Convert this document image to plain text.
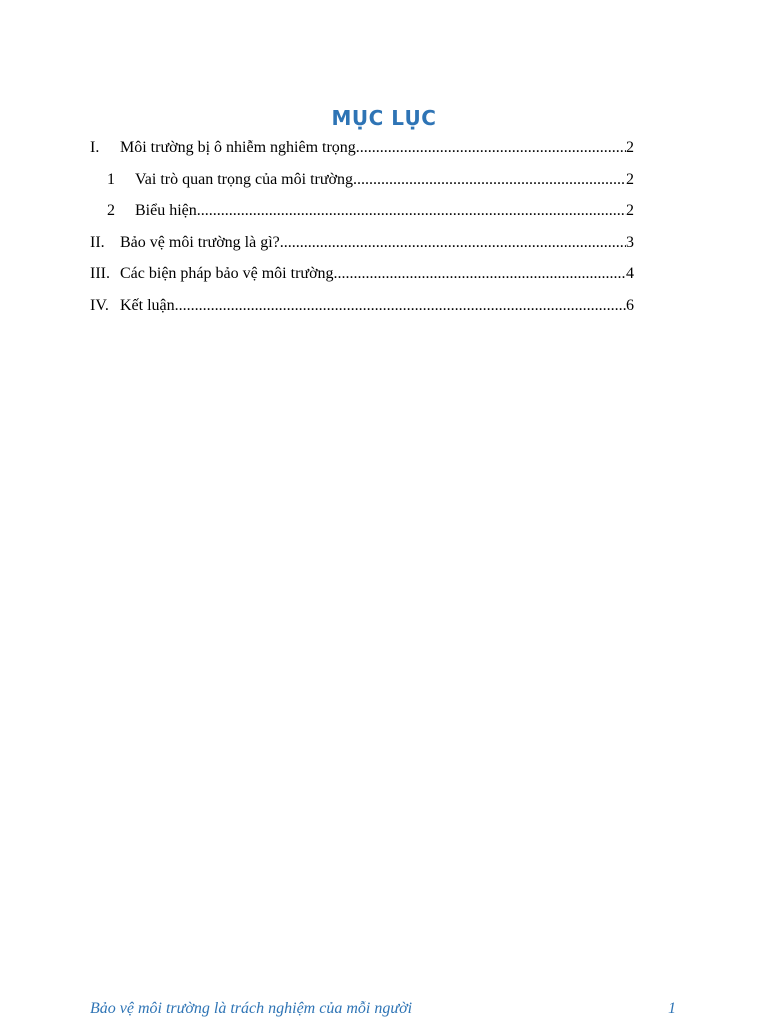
MỤC LỤC
I.	Môi trường bị ô nhiễm nghiêm trọng .....	2
1	Vai trò quan trọng của môi trường .....	2
2	Biểu hiện .....	2
II. Bảo vệ môi trường là gì? .....	3
III. Các biện pháp bảo vệ môi trường .....	4
IV. Kết luận .....	6
Bảo vệ môi trường là trách nghiệm của mỗi người	1
